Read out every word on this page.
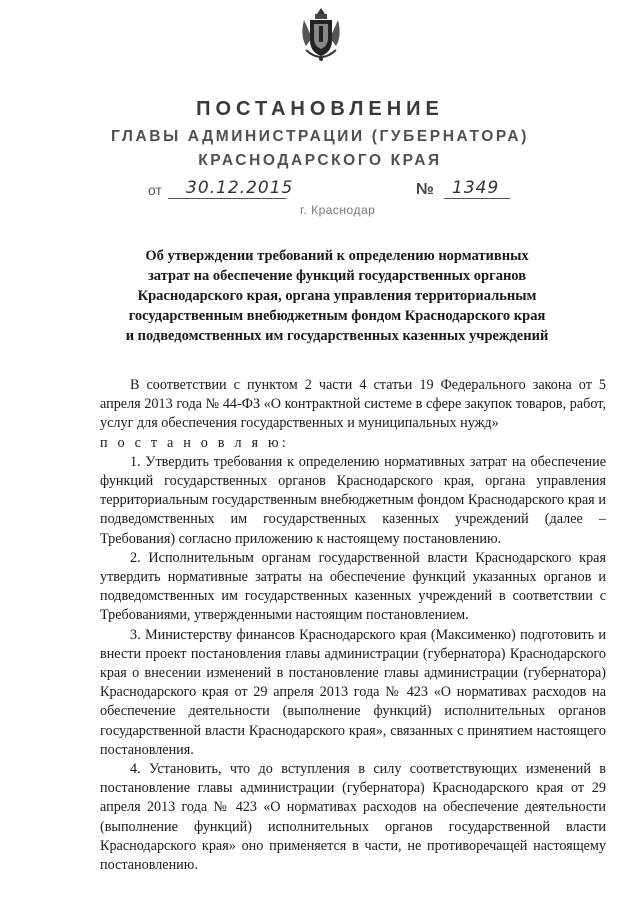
ПОСТАНОВЛЕНИЕ
ГЛАВЫ АДМИНИСТРАЦИИ (ГУБЕРНАТОРА)
КРАСНОДАРСКОГО КРАЯ
от 30.12.2015	№ 1349
г. Краснодар
Об утверждении требований к определению нормативных
затрат на обеспечение функций государственных органов
Краснодарского края, органа управления территориальным
государственным внебюджетным фондом Краснодарского края
и подведомственных им государственных казенных учреждений

В соответствии с пунктом 2 части 4 статьи 19 Федерального закона от 5 апреля 2013 года № 44-ФЗ «О контрактной системе в сфере закупок товаров, работ, услуг для обеспечения государственных и муниципальных нужд»

п о с т а н о в л я ю:

1. Утвердить требования к определению нормативных затрат на обеспечение функций государственных органов Краснодарского края, органа управления территориальным государственным внебюджетным фондом Краснодарского края и подведомственных им государственных казенных учреждений (далее – Требования) согласно приложению к настоящему постановлению.

2. Исполнительным органам государственной власти Краснодарского края утвердить нормативные затраты на обеспечение функций указанных органов и подведомственных им государственных казенных учреждений в соответствии с Требованиями, утвержденными настоящим постановлением.

3. Министерству финансов Краснодарского края (Максименко) подготовить и внести проект постановления главы администрации (губернатора) Краснодарского края о внесении изменений в постановление главы администрации (губернатора) Краснодарского края от 29 апреля 2013 года № 423 «О нормативах расходов на обеспечение деятельности (выполнение функций) исполнительных органов государственной власти Краснодарского края», связанных с принятием настоящего постановления.

4. Установить, что до вступления в силу соответствующих изменений в постановление главы администрации (губернатора) Краснодарского края от 29 апреля 2013 года № 423 «О нормативах расходов на обеспечение деятельности (выполнение функций) исполнительных органов государственной власти Краснодарского края» оно применяется в части, не противоречащей настоящему постановлению.
